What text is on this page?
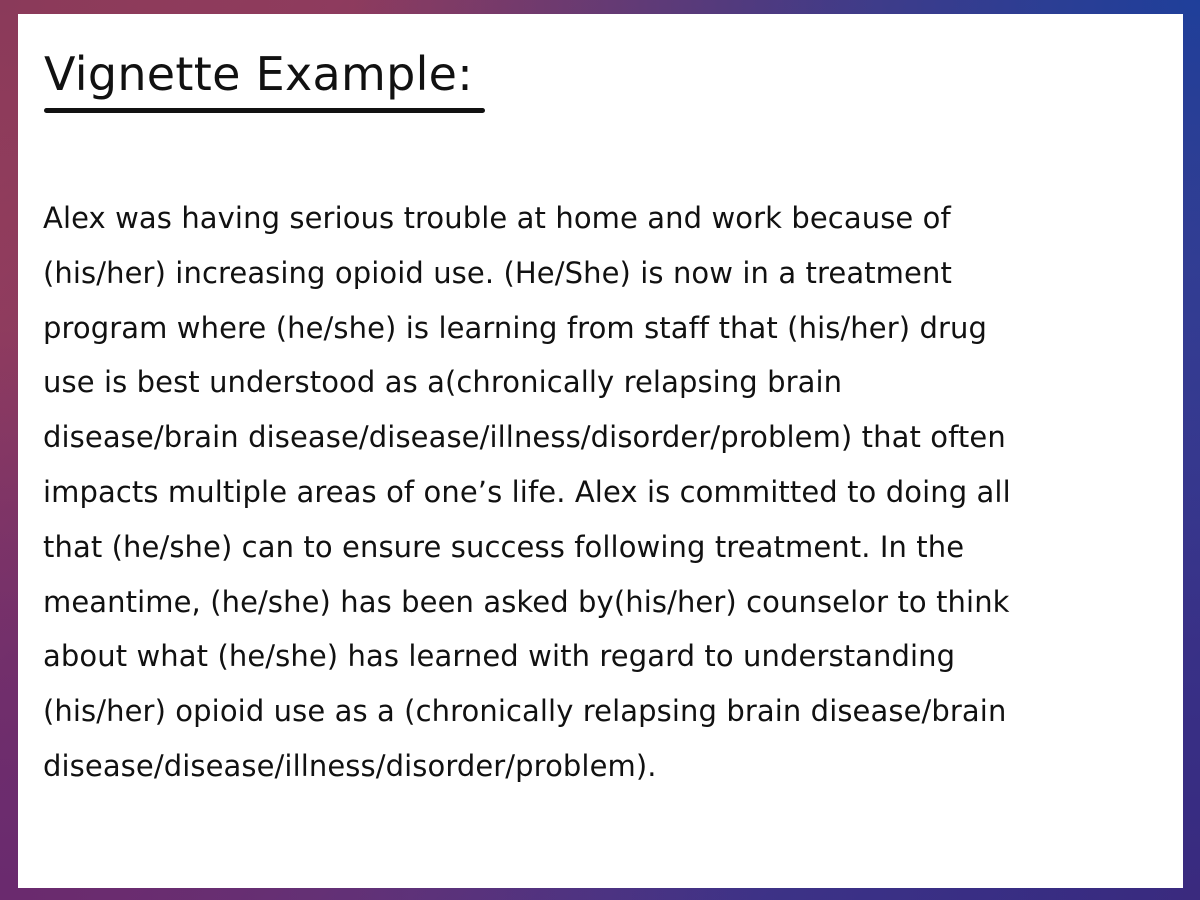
Vignette Example:

Alex was having serious trouble at home and work because of
(his/her) increasing opioid use. (He/She) is now in a treatment
program where (he/she) is learning from staff that (his/her) drug
use is best understood as a(chronically relapsing brain
disease/brain disease/disease/illness/disorder/problem) that often
impacts multiple areas of one’s life. Alex is committed to doing all
that (he/she) can to ensure success following treatment. In the
meantime, (he/she) has been asked by(his/her) counselor to think
about what (he/she) has learned with regard to understanding
(his/her) opioid use as a (chronically relapsing brain disease/brain
disease/disease/illness/disorder/problem).
